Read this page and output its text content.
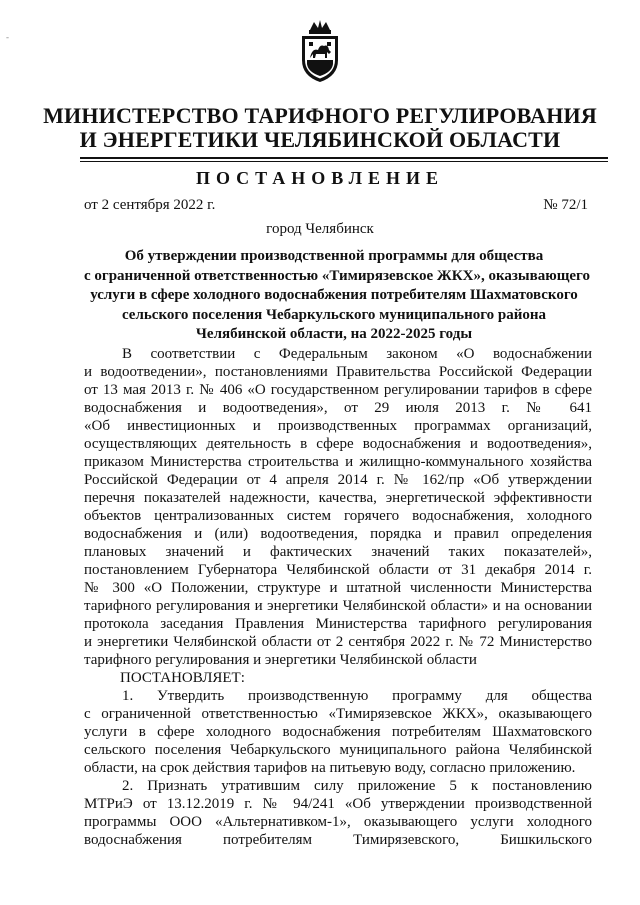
-
МИНИСТЕРСТВО ТАРИФНОГО РЕГУЛИРОВАНИЯ
И ЭНЕРГЕТИКИ ЧЕЛЯБИНСКОЙ ОБЛАСТИ
ПОСТАНОВЛЕНИЕ
от 2 сентября 2022 г.	№ 72/1
город Челябинск
Об утверждении производственной программы для общества
с ограниченной ответственностью «Тимирязевское ЖКХ», оказывающего
услуги в сфере холодного водоснабжения потребителям Шахматовского
сельского поселения Чебаркульского муниципального района
Челябинской области, на 2022-2025 годы
В соответствии с Федеральным законом «О водоснабжении
и водоотведении», постановлениями Правительства Российской Федерации
от 13 мая 2013 г. № 406 «О государственном регулировании тарифов в сфере
водоснабжения и водоотведения», от 29 июля 2013 г. № 641
«Об инвестиционных и производственных программах организаций,
осуществляющих деятельность в сфере водоснабжения и водоотведения»,
приказом Министерства строительства и жилищно-коммунального хозяйства
Российской Федерации от 4 апреля 2014 г. № 162/пр «Об утверждении
перечня показателей надежности, качества, энергетической эффективности
объектов централизованных систем горячего водоснабжения, холодного
водоснабжения и (или) водоотведения, порядка и правил определения
плановых значений и фактических значений таких показателей»,
постановлением Губернатора Челябинской области от 31 декабря 2014 г.
№ 300 «О Положении, структуре и штатной численности Министерства
тарифного регулирования и энергетики Челябинской области» и на основании
протокола заседания Правления Министерства тарифного регулирования
и энергетики Челябинской области от 2 сентября 2022 г. № 72 Министерство
тарифного регулирования и энергетики Челябинской области
ПОСТАНОВЛЯЕТ:
1. Утвердить производственную программу для общества
с ограниченной ответственностью «Тимирязевское ЖКХ», оказывающего
услуги в сфере холодного водоснабжения потребителям Шахматовского
сельского поселения Чебаркульского муниципального района Челябинской
области, на срок действия тарифов на питьевую воду, согласно приложению.
2. Признать утратившим силу приложение 5 к постановлению
МТРиЭ от 13.12.2019 г. № 94/241 «Об утверждении производственной
программы ООО «Альтернативком-1», оказывающего услуги холодного
водоснабжения потребителям Тимирязевского, Бишкильского
